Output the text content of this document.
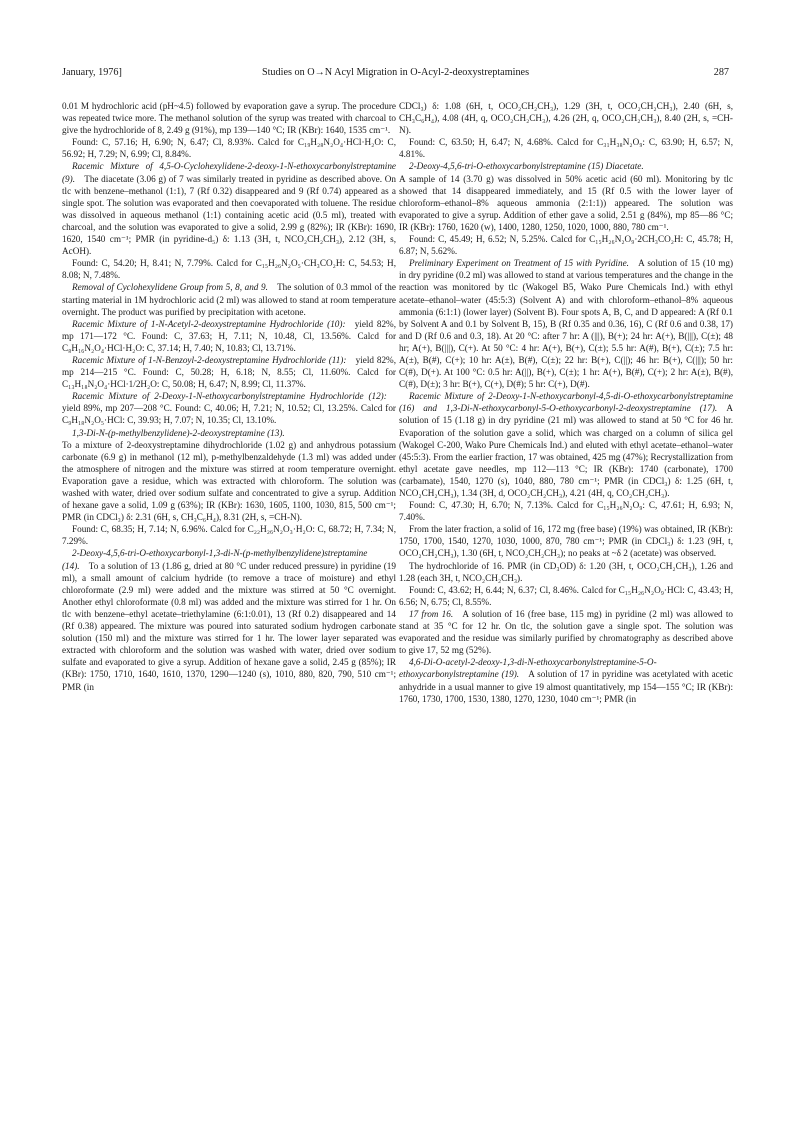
January, 1976]	Studies on O→N Acyl Migration in O-Acyl-2-deoxystreptamines	287

0.01 M hydrochloric acid (pH~4.5) followed by evaporation gave a syrup. The procedure was repeated twice more. The methanol solution of the syrup was treated with charcoal to give the hydrochloride of 8, 2.49 g (91%), mp 139—140 °C; IR (KBr): 1640, 1535 cm⁻¹.

Found: C, 57.16; H, 6.90; N, 6.47; Cl, 8.93%. Calcd for C₁₉H₂₈N₂O₄·HCl·H₂O: C, 56.92; H, 7.29; N, 6.99; Cl, 8.84%.

Racemic Mixture of 4,5-O-Cyclohexylidene-2-deoxy-1-N-ethoxycarbonylstreptamine (9). The diacetate (3.06 g) of 7 was similarly treated in pyridine as described above. On tlc with benzene–methanol (1:1), 7 (Rf 0.32) disappeared and 9 (Rf 0.74) appeared as a single spot. The solution was evaporated and then coevaporated with toluene. The residue was dissolved in aqueous methanol (1:1) containing acetic acid (0.5 ml), treated with charcoal, and the solution was evaporated to give a solid, 2.99 g (82%); IR (KBr): 1690, 1620, 1540 cm⁻¹; PMR (in pyridine-d₅) δ: 1.13 (3H, t, NCO₂CH₂CH₃), 2.12 (3H, s, AcOH).

Found: C, 54.20; H, 8.41; N, 7.79%. Calcd for C₁₅H₂₆N₂O₅·CH₃CO₂H: C, 54.53; H, 8.08; N, 7.48%.

Removal of Cyclohexylidene Group from 5, 8, and 9. The solution of 0.3 mmol of the starting material in 1M hydrochloric acid (2 ml) was allowed to stand at room temperature overnight. The product was purified by precipitation with acetone.

Racemic Mixture of 1-N-Acetyl-2-deoxystreptamine Hydrochloride (10): yield 82%, mp 171—172 °C. Found: C, 37.63; H, 7.11; N, 10.48, Cl, 13.56%. Calcd for C₈H₁₆N₂O₄·HCl·H₂O: C, 37.14; H, 7.40; N, 10.83; Cl, 13.71%.

Racemic Mixture of 1-N-Benzoyl-2-deoxystreptamine Hydrochloride (11): yield 82%, mp 214—215 °C. Found: C, 50.28; H, 6.18; N, 8.55; Cl, 11.60%. Calcd for C₁₃H₁₈N₂O₄·HCl·1/2H₂O: C, 50.08; H, 6.47; N, 8.99; Cl, 11.37%.

Racemic Mixture of 2-Deoxy-1-N-ethoxycarbonylstreptamine Hydrochloride (12): yield 89%, mp 207—208 °C. Found: C, 40.06; H, 7.21; N, 10.52; Cl, 13.25%. Calcd for C₉H₁₈N₂O₅·HCl: C, 39.93; H, 7.07; N, 10.35; Cl, 13.10%.

1,3-Di-N-(p-methylbenzylidene)-2-deoxystreptamine (13).

To a mixture of 2-deoxystreptamine dihydrochloride (1.02 g) and anhydrous potassium carbonate (6.9 g) in methanol (12 ml), p-methylbenzaldehyde (1.3 ml) was added under the atmosphere of nitrogen and the mixture was stirred at room temperature overnight. Evaporation gave a residue, which was extracted with chloroform. The solution was washed with water, dried over sodium sulfate and concentrated to give a syrup. Addition of hexane gave a solid, 1.09 g (63%); IR (KBr): 1630, 1605, 1100, 1030, 815, 500 cm⁻¹; PMR (in CDCl₃) δ: 2.31 (6H, s, CH₃C₆H₄), 8.31 (2H, s, =CH-N).

Found: C, 68.35; H, 7.14; N, 6.96%. Calcd for C₂₂H₂₆N₂O₃·H₂O: C, 68.72; H, 7.34; N, 7.29%.

2-Deoxy-4,5,6-tri-O-ethoxycarbonyl-1,3-di-N-(p-methylbenzylidene)streptamine (14). To a solution of 13 (1.86 g, dried at 80 °C under reduced pressure) in pyridine (19 ml), a small amount of calcium hydride (to remove a trace of moisture) and ethyl chloroformate (2.9 ml) were added and the mixture was stirred at 50 °C overnight. Another ethyl chloroformate (0.8 ml) was added and the mixture was stirred for 1 hr. On tlc with benzene–ethyl acetate–triethylamine (6:1:0.01), 13 (Rf 0.2) disappeared and 14 (Rf 0.38) appeared. The mixture was poured into saturated sodium hydrogen carbonate solution (150 ml) and the mixture was stirred for 1 hr. The lower layer separated was extracted with chloroform and the solution was washed with water, dried over sodium sulfate and evaporated to give a syrup. Addition of hexane gave a solid, 2.45 g (85%); IR (KBr): 1750, 1710, 1640, 1610, 1370, 1290—1240 (s), 1010, 880, 820, 790, 510 cm⁻¹; PMR (in

CDCl₃) δ: 1.08 (6H, t, OCO₂CH₂CH₃), 1.29 (3H, t, OCO₂CH₂CH₃), 2.40 (6H, s, CH₃C₆H₄), 4.08 (4H, q, OCO₂CH₂CH₃), 4.26 (2H, q, OCO₂CH₂CH₃), 8.40 (2H, s, =CH-N).

Found: C, 63.50; H, 6.47; N, 4.68%. Calcd for C₃₁H₃₈N₂O₉: C, 63.90; H, 6.57; N, 4.81%.

2-Deoxy-4,5,6-tri-O-ethoxycarbonylstreptamine (15) Diacetate.

A sample of 14 (3.70 g) was dissolved in 50% acetic acid (60 ml). Monitoring by tlc showed that 14 disappeared immediately, and 15 (Rf 0.5 with the lower layer of chloroform–ethanol–8% aqueous ammonia (2:1:1)) appeared. The solution was evaporated to give a syrup. Addition of ether gave a solid, 2.51 g (84%), mp 85—86 °C; IR (KBr): 1760, 1620 (w), 1400, 1280, 1250, 1020, 1000, 880, 780 cm⁻¹.

Found: C, 45.49; H, 6.52; N, 5.25%. Calcd for C₁₅H₂₆N₂O₉·2CH₃CO₂H: C, 45.78; H, 6.87; N, 5.62%.

Preliminary Experiment on Treatment of 15 with Pyridine. A solution of 15 (10 mg) in dry pyridine (0.2 ml) was allowed to stand at various temperatures and the change in the reaction was monitored by tlc (Wakogel B5, Wako Pure Chemicals Ind.) with ethyl acetate–ethanol–water (45:5:3) (Solvent A) and with chloroform–ethanol–8% aqueous ammonia (6:1:1) (lower layer) (Solvent B). Four spots A, B, C, and D appeared: A (Rf 0.1 by Solvent A and 0.1 by Solvent B, 15), B (Rf 0.35 and 0.36, 16), C (Rf 0.6 and 0.38, 17) and D (Rf 0.6 and 0.3, 18). At 20 °C: after 7 hr: A (|||), B(+); 24 hr: A(+), B(|||), C(±); 48 hr; A(+), B(|||), C(+). At 50 °C: 4 hr: A(+), B(+), C(±); 5.5 hr: A(#), B(+), C(±); 7.5 hr: A(±), B(#), C(+); 10 hr: A(±), B(#), C(±); 22 hr: B(+), C(||); 46 hr: B(+), C(|||); 50 hr: C(#), D(+). At 100 °C: 0.5 hr: A(||), B(+), C(±); 1 hr: A(+), B(#), C(+); 2 hr: A(±), B(#), C(#), D(±); 3 hr: B(+), C(+), D(#); 5 hr: C(+), D(#).

Racemic Mixture of 2-Deoxy-1-N-ethoxycarbonyl-4,5-di-O-ethoxycarbonylstreptamine (16) and 1,3-Di-N-ethoxycarbonyl-5-O-ethoxycarbonyl-2-deoxystreptamine (17). A solution of 15 (1.18 g) in dry pyridine (21 ml) was allowed to stand at 50 °C for 46 hr. Evaporation of the solution gave a solid, which was charged on a column of silica gel (Wakogel C-200, Wako Pure Chemicals Ind.) and eluted with ethyl acetate–ethanol–water (45:5:3). From the earlier fraction, 17 was obtained, 425 mg (47%); Recrystallization from ethyl acetate gave needles, mp 112—113 °C; IR (KBr): 1740 (carbonate), 1700 (carbamate), 1540, 1270 (s), 1040, 880, 780 cm⁻¹; PMR (in CDCl₃) δ: 1.25 (6H, t, NCO₂CH₂CH₃), 1.34 (3H, d, OCO₂CH₂CH₃), 4.21 (4H, q, CO₂CH₂CH₃).

Found: C, 47.30; H, 6.70; N, 7.13%. Calcd for C₁₅H₂₆N₂O₉: C, 47.61; H, 6.93; N, 7.40%.

From the later fraction, a solid of 16, 172 mg (free base) (19%) was obtained, IR (KBr): 1750, 1700, 1540, 1270, 1030, 1000, 870, 780 cm⁻¹; PMR (in CDCl₃) δ: 1.23 (9H, t, OCO₂CH₂CH₃), 1.30 (6H, t, NCO₂CH₂CH₃); no peaks at ~δ 2 (acetate) was observed.

The hydrochloride of 16. PMR (in CD₃OD) δ: 1.20 (3H, t, OCO₂CH₂CH₃), 1.26 and 1.28 (each 3H, t, NCO₂CH₂CH₃).

Found: C, 43.62; H, 6.44; N, 6.37; Cl, 8.46%. Calcd for C₁₅H₂₆N₂O₉·HCl: C, 43.43; H, 6.56; N, 6.75; Cl, 8.55%.

17 from 16. A solution of 16 (free base, 115 mg) in pyridine (2 ml) was allowed to stand at 35 °C for 12 hr. On tlc, the solution gave a single spot. The solution was evaporated and the residue was similarly purified by chromatography as described above to give 17, 52 mg (52%).

4,6-Di-O-acetyl-2-deoxy-1,3-di-N-ethoxycarbonylstreptamine-5-O-ethoxycarbonylstreptamine (19). A solution of 17 in pyridine was acetylated with acetic anhydride in a usual manner to give 19 almost quantitatively, mp 154—155 °C; IR (KBr): 1760, 1730, 1700, 1530, 1380, 1270, 1230, 1040 cm⁻¹; PMR (in
